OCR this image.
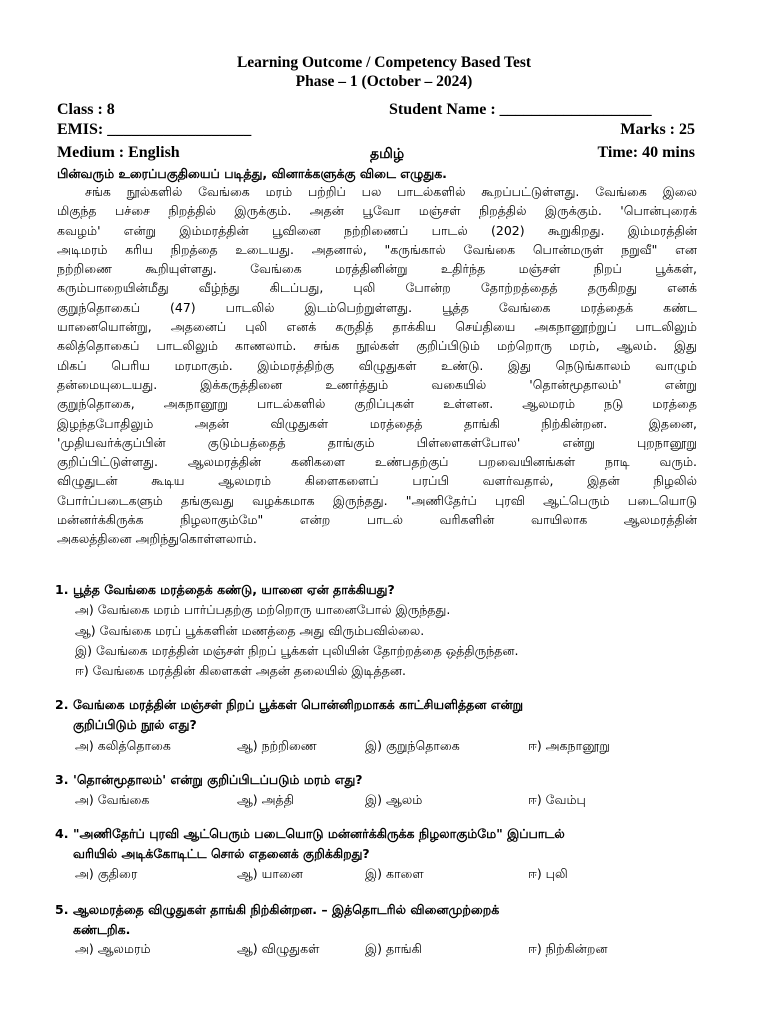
Learning Outcome / Competency Based Test
Phase – 1 (October – 2024)
Class : 8	Student Name : ___________________
EMIS: __________________	Marks : 25
Medium : English	தமிழ்	Time: 40 mins
பின்வரும் உரைப்பகுதியைப் படித்து, வினாக்களுக்கு விடை எழுதுக.
சங்க நூல்களில் வேங்கை மரம் பற்றிப் பல பாடல்களில் கூறப்பட்டுள்ளது. வேங்கை இலை
மிகுந்த பச்சை நிறத்தில் இருக்கும். அதன் பூவோ மஞ்சள் நிறத்தில் இருக்கும். 'பொன்புரைக்
கவழம்' என்று இம்மரத்தின் பூவினை நற்றிணைப் பாடல் (202) கூறுகிறது. இம்மரத்தின்
அடிமரம் கரிய நிறத்தை உடையது. அதனால், "கருங்கால் வேங்கை பொன்மருள் நறுவீ" என
நற்றிணை கூறியுள்ளது. வேங்கை மரத்தினின்று உதிர்ந்த மஞ்சள் நிறப் பூக்கள்,
கரும்பாறையின்மீது வீழ்ந்து கிடப்பது, புலி போன்ற தோற்றத்தைத் தருகிறது எனக்
குறுந்தொகைப் (47) பாடலில் இடம்பெற்றுள்ளது. பூத்த வேங்கை மரத்தைக் கண்ட
யானையொன்று, அதனைப் புலி எனக் கருதித் தாக்கிய செய்தியை அகநானூற்றுப் பாடலிலும்
கலித்தொகைப் பாடலிலும் காணலாம். சங்க நூல்கள் குறிப்பிடும் மற்றொரு மரம், ஆலம். இது
மிகப் பெரிய மரமாகும். இம்மரத்திற்கு விழுதுகள் உண்டு. இது நெடுங்காலம் வாழும்
தன்மையுடையது. இக்கருத்தினை உணர்த்தும் வகையில் 'தொன்மூதாலம்' என்று
குறுந்தொகை, அகநானூறு பாடல்களில் குறிப்புகள் உள்ளன. ஆலமரம் நடு மரத்தை
இழந்தபோதிலும் அதன் விழுதுகள் மரத்தைத் தாங்கி நிற்கின்றன. இதனை,
'முதியவர்க்குப்பின் குடும்பத்தைத் தாங்கும் பிள்ளைகள்போல' என்று புறநானூறு
குறிப்பிட்டுள்ளது. ஆலமரத்தின் கனிகளை உண்பதற்குப் பறவையினங்கள் நாடி வரும்.
விழுதுடன் கூடிய ஆலமரம் கிளைகளைப் பரப்பி வளர்வதால், இதன் நிழலில்
போர்ப்படைகளும் தங்குவது வழக்கமாக இருந்தது. "அணிதேர்ப் புரவி ஆட்பெரும் படையொடு
மன்னர்க்கிருக்க நிழலாகும்மே" என்ற பாடல் வரிகளின் வாயிலாக ஆலமரத்தின்
அகலத்தினை அறிந்துகொள்ளலாம்.
1. பூத்த வேங்கை மரத்தைக் கண்டு, யானை ஏன் தாக்கியது?
அ) வேங்கை மரம் பார்ப்பதற்கு மற்றொரு யானைபோல் இருந்தது.
ஆ) வேங்கை மரப் பூக்களின் மணத்தை அது விரும்பவில்லை.
இ) வேங்கை மரத்தின் மஞ்சள் நிறப் பூக்கள் புலியின் தோற்றத்தை ஒத்திருந்தன.
ஈ) வேங்கை மரத்தின் கிளைகள் அதன் தலையில் இடித்தன.
2. வேங்கை மரத்தின் மஞ்சள் நிறப் பூக்கள் பொன்னிறமாகக் காட்சியளித்தன என்று
குறிப்பிடும் நூல் எது?
அ) கலித்தொகை	ஆ) நற்றிணை	இ) குறுந்தொகை	ஈ) அகநானூறு
3. 'தொன்மூதாலம்' என்று குறிப்பிடப்படும் மரம் எது?
அ) வேங்கை	ஆ) அத்தி	இ) ஆலம்	ஈ) வேம்பு
4. "அணிதேர்ப் புரவி ஆட்பெரும் படையொடு மன்னர்க்கிருக்க நிழலாகும்மே" இப்பாடல்
வரியில் அடிக்கோடிட்ட சொல் எதனைக் குறிக்கிறது?
அ) குதிரை	ஆ) யானை	இ) காளை	ஈ) புலி
5. ஆலமரத்தை விழுதுகள் தாங்கி நிற்கின்றன. – இத்தொடரில் வினைமுற்றைக்
கண்டறிக.
அ) ஆலமரம்	ஆ) விழுதுகள்	இ) தாங்கி	ஈ) நிற்கின்றன
